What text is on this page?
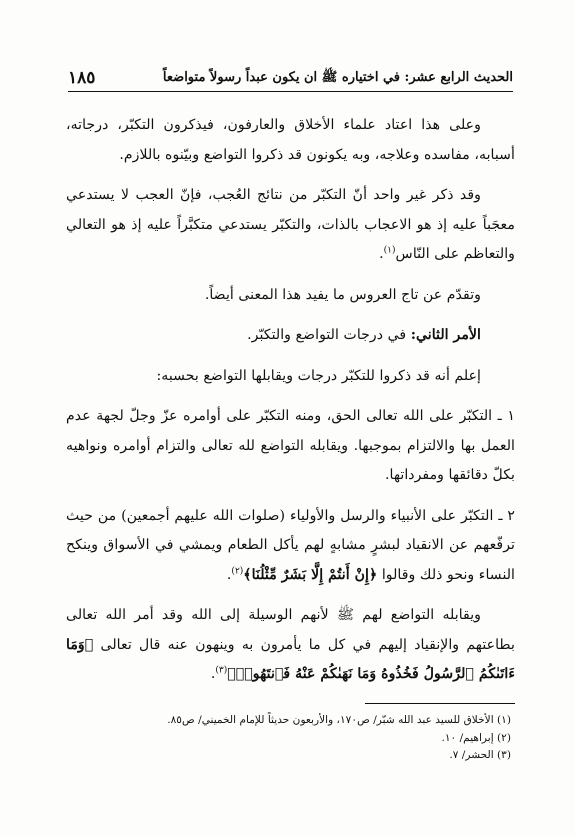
الحديث الرابع عشر: في اختياره ﷺ ان يكون عبداً رسولاً متواضعاً
١٨٥

وعلى هذا اعتاد علماء الأخلاق والعارفون، فيذكرون التكبّر، درجاته، أسبابه، مفاسده وعلاجه، وبه يكونون قد ذكروا التواضع وبيّنوه باللازم.

وقد ذكر غير واحد أنّ التكبّر من نتائج العُجب، فإنّ العجب لا يستدعي معجَباً عليه إذ هو الاعجاب بالذات، والتكبّر يستدعي متكبَّراً عليه إذ هو التعالي والتعاظم على النّاس$^{(١)}$.

وتقدّم عن تاج العروس ما يفيد هذا المعنى أيضاً.

الأمر الثاني: في درجات التواضع والتكبّر.

إعلم أنه قد ذكروا للتكبّر درجات ويقابلها التواضع بحسبه:

١ ـ التكبّر على الله تعالى الحق، ومنه التكبّر على أوامره عزّ وجلّ لجهة عدم العمل بها والالتزام بموجبها. ويقابله التواضع لله تعالى والتزام أوامره ونواهيه بكلّ دقائقها ومفرداتها.

٢ ـ التكبّر على الأنبياء والرسل والأولياء (صلوات الله عليهم أجمعين) من حيث ترفّعهم عن الانقياد لبشرٍ مشابهٍ لهم يأكل الطعام ويمشي في الأسواق وينكح النساء ونحو ذلك وقالوا ﴿إِنْ أَنتُمْ إِلَّا بَشَرٌ مِّثْلُنَا﴾$^{(٢)}$.

ويقابله التواضع لهم ﷺ لأنهم الوسيلة إلى الله وقد أمر الله تعالى بطاعتهم والإنقياد إليهم في كل ما يأمرون به وينهون عنه قال تعالى ﴿وَمَا ءَاتَىٰكُمُ ٱلرَّسُولُ فَخُذُوهُ وَمَا نَهَىٰكُمْ عَنْهُ فَٱنتَهُوا۟﴾$^{(٣)}$.

(١) الأخلاق للسيد عبد الله شبّر/ ص١٧٠، والأربعون حديثاً للإمام الخميني/ ص٨٥.

(٢) إبراهيم/ ١٠.

(٣) الحشر/ ٧.
